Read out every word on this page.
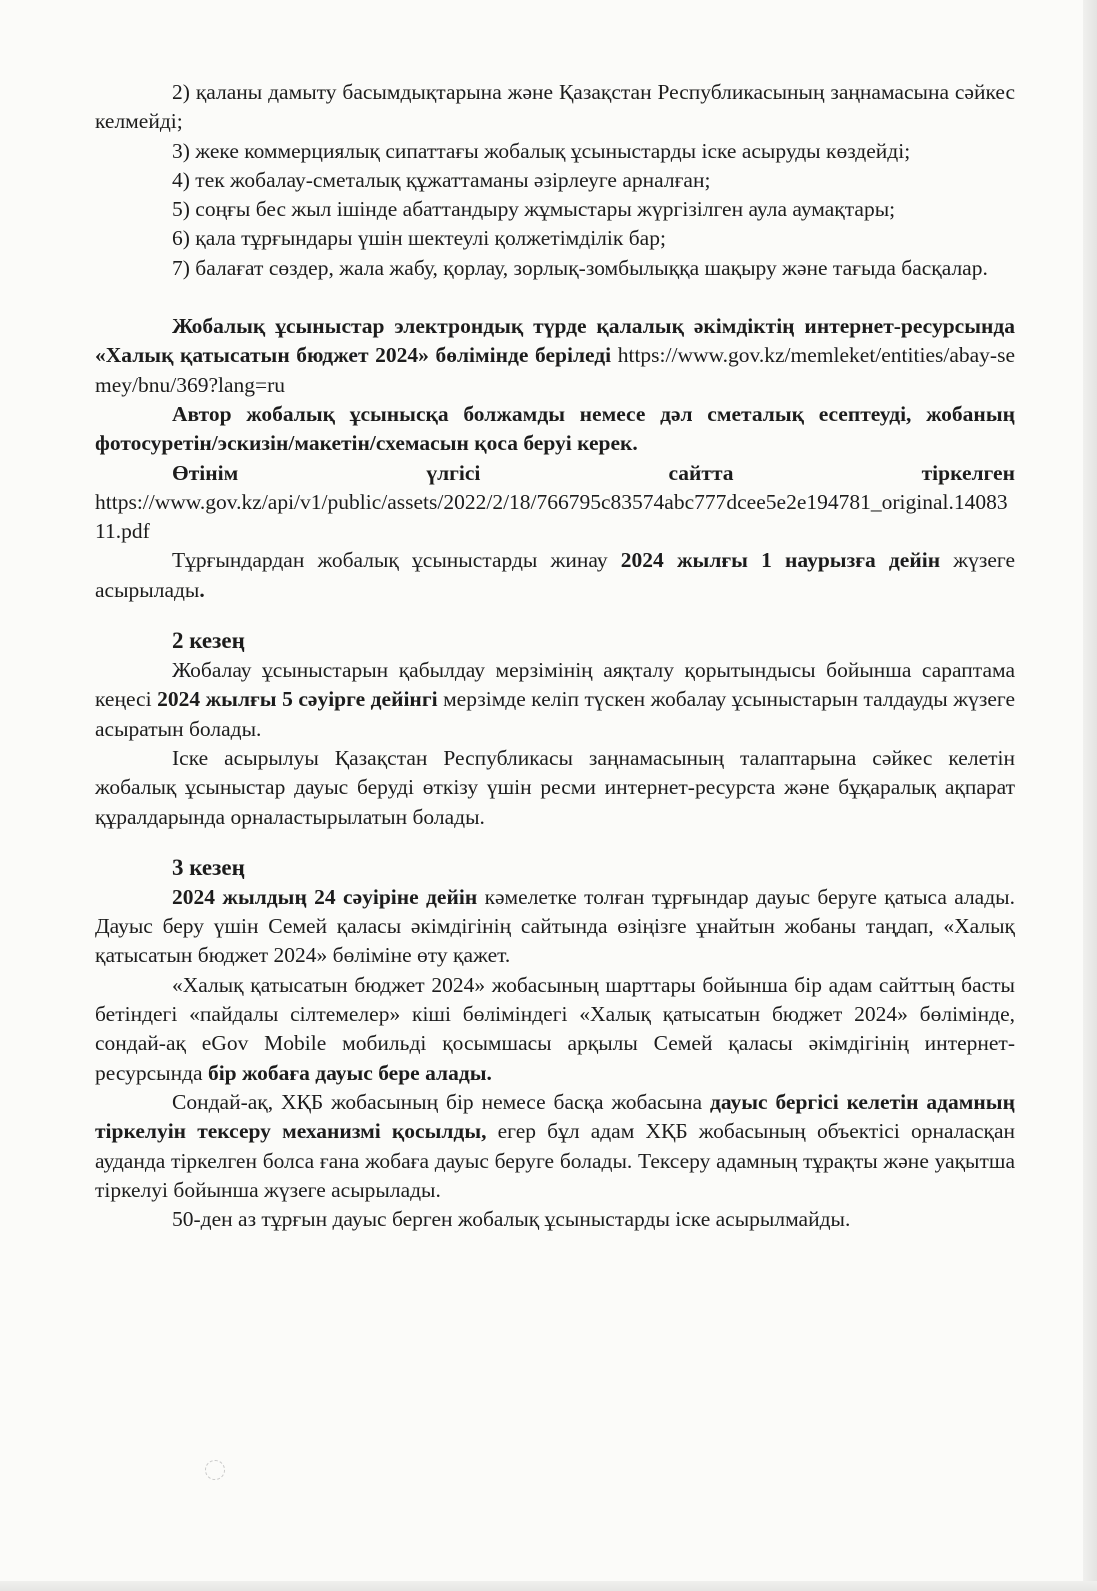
2) қаланы дамыту басымдықтарына және Қазақстан Республикасының заңнамасына сәйкес келмейді;

3) жеке коммерциялық сипаттағы жобалық ұсыныстарды іске асыруды көздейді;

4) тек жобалау-сметалық құжаттаманы әзірлеуге арналған;

5) соңғы бес жыл ішінде абаттандыру жұмыстары жүргізілген аула аумақтары;

6) қала тұрғындары үшін шектеулі қолжетімділік бар;

7) балағат сөздер, жала жабу, қорлау, зорлық-зомбылыққа шақыру және тағыда басқалар.

Жобалық ұсыныстар электрондық түрде қалалық әкімдіктің интернет-ресурсында «Халық қатысатын бюджет 2024» бөлімінде беріледі https://www.gov.kz/memleket/entities/abay-semey/bnu/369?lang=ru

Автор жобалық ұсынысқа болжамды немесе дәл сметалық есептеуді, жобаның фотосуретін/эскизін/макетін/схемасын қоса беруі керек.

Өтінім	үлгісі	сайтта	тіркелген

https://www.gov.kz/api/v1/public/assets/2022/2/18/766795c83574abc777dcee5e2e194781_original.1408311.pdf

Тұрғындардан жобалық ұсыныстарды жинау 2024 жылғы 1 наурызға дейін жүзеге асырылады.

2 кезең

Жобалау ұсыныстарын қабылдау мерзімінің аяқталу қорытындысы бойынша сараптама кеңесі 2024 жылғы 5 сәуірге дейінгі мерзімде келіп түскен жобалау ұсыныстарын талдауды жүзеге асыратын болады.

Іске асырылуы Қазақстан Республикасы заңнамасының талаптарына сәйкес келетін жобалық ұсыныстар дауыс беруді өткізу үшін ресми интернет-ресурста және бұқаралық ақпарат құралдарында орналастырылатын болады.

3 кезең

2024 жылдың 24 сәуіріне дейін кәмелетке толған тұрғындар дауыс беруге қатыса алады. Дауыс беру үшін Семей қаласы әкімдігінің сайтында өзіңізге ұнайтын жобаны таңдап, «Халық қатысатын бюджет 2024» бөліміне өту қажет.

«Халық қатысатын бюджет 2024» жобасының шарттары бойынша бір адам сайттың басты бетіндегі «пайдалы сілтемелер» кіші бөліміндегі «Халық қатысатын бюджет 2024» бөлімінде, сондай-ақ eGov Mobile мобильді қосымшасы арқылы Семей қаласы әкімдігінің интернет-ресурсында бір жобаға дауыс бере алады.

Сондай-ақ, ХҚБ жобасының бір немесе басқа жобасына дауыс бергісі келетін адамның тіркелуін тексеру механизмі қосылды, егер бұл адам ХҚБ жобасының объектісі орналасқан ауданда тіркелген болса ғана жобаға дауыс беруге болады. Тексеру адамның тұрақты және уақытша тіркелуі бойынша жүзеге асырылады.

50-ден аз тұрғын дауыс берген жобалық ұсыныстарды іске асырылмайды.
